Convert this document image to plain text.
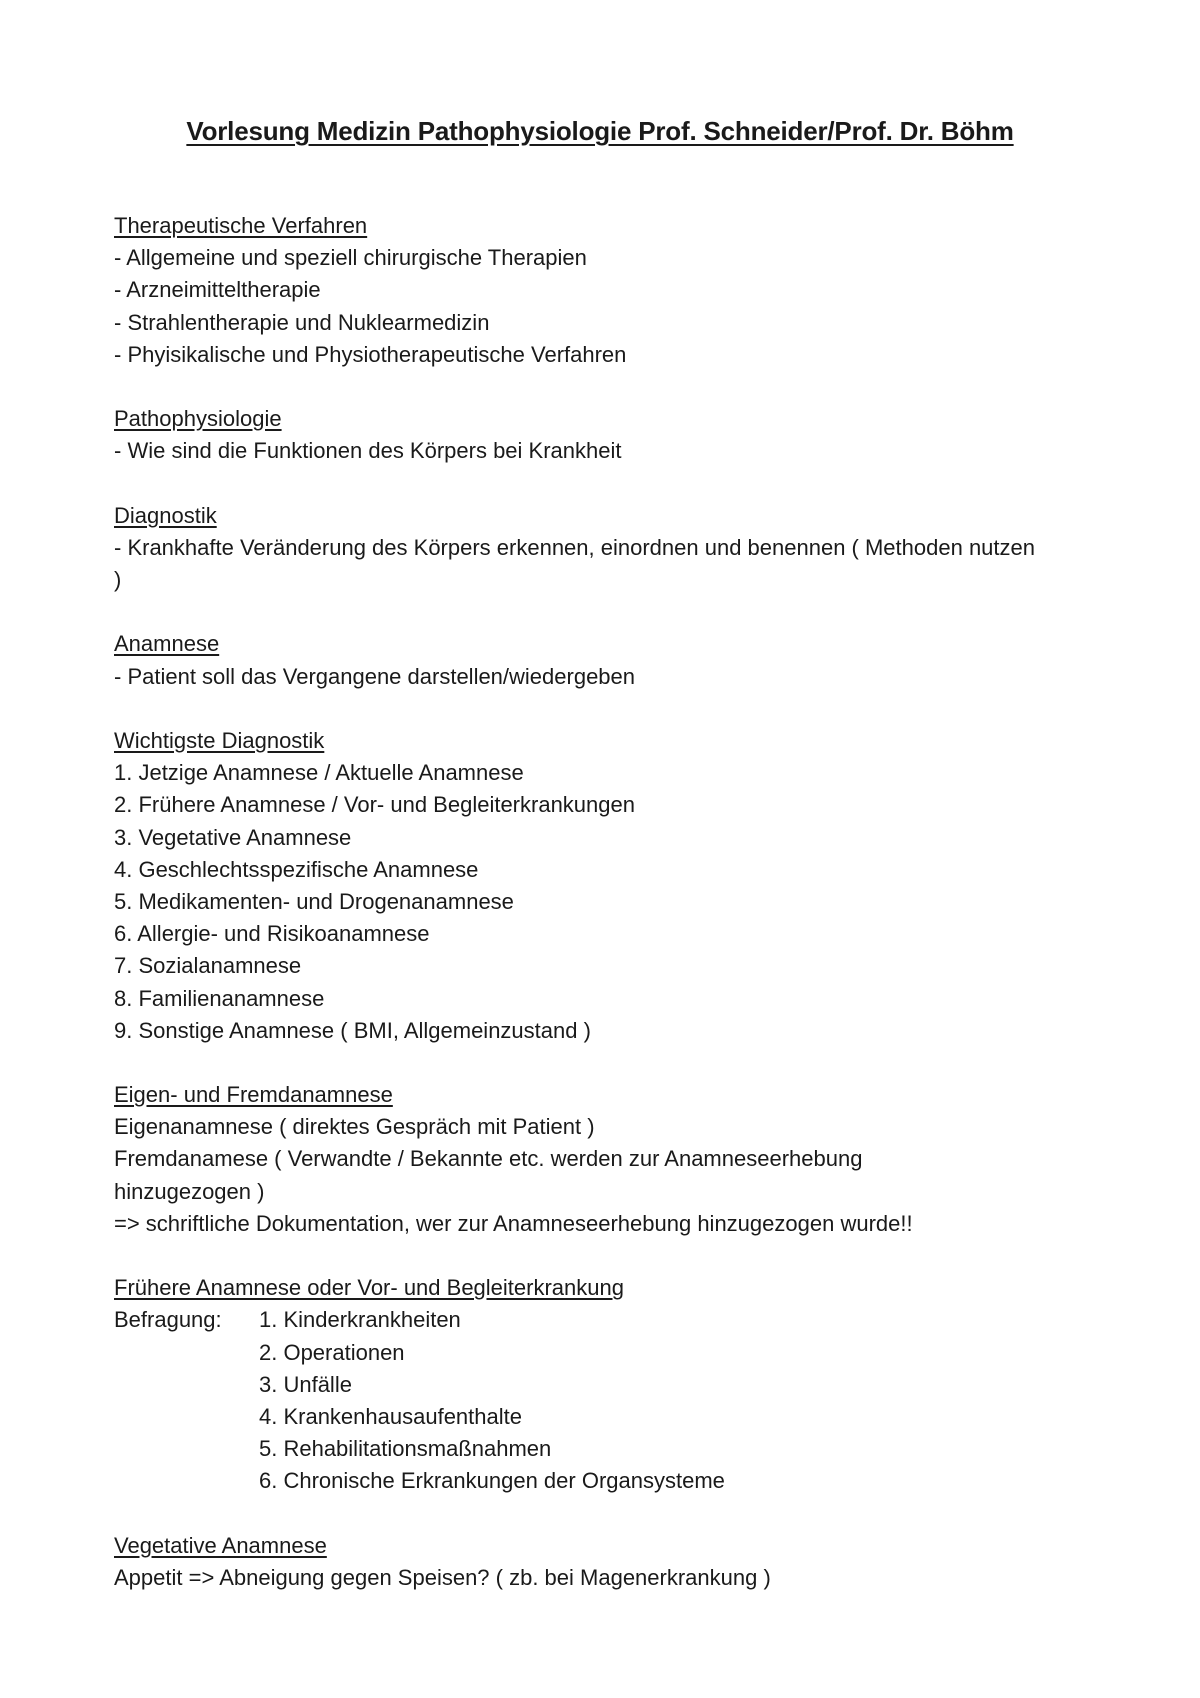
Vorlesung Medizin Pathophysiologie Prof. Schneider/Prof. Dr. Böhm
Therapeutische Verfahren
- Allgemeine und speziell chirurgische Therapien
- Arzneimitteltherapie
- Strahlentherapie und Nuklearmedizin
- Phyisikalische und Physiotherapeutische Verfahren
Pathophysiologie
- Wie sind die Funktionen des Körpers bei Krankheit
Diagnostik
- Krankhafte Veränderung des Körpers erkennen, einordnen und benennen ( Methoden nutzen )
Anamnese
- Patient soll das Vergangene darstellen/wiedergeben
Wichtigste Diagnostik
1. Jetzige Anamnese / Aktuelle Anamnese
2. Frühere Anamnese / Vor- und Begleiterkrankungen
3. Vegetative Anamnese
4. Geschlechtsspezifische Anamnese
5. Medikamenten- und Drogenanamnese
6. Allergie- und Risikoanamnese
7. Sozialanamnese
8. Familienanamnese
9. Sonstige Anamnese ( BMI, Allgemeinzustand )
Eigen- und Fremdanamnese
Eigenanamnese ( direktes Gespräch mit Patient )
Fremdanamese ( Verwandte / Bekannte etc. werden zur Anamneseerhebung hinzugezogen )
=> schriftliche Dokumentation, wer zur Anamneseerhebung hinzugezogen wurde!!
Frühere Anamnese oder Vor- und Begleiterkrankung
Befragung:	1. Kinderkrankheiten
2. Operationen
3. Unfälle
4. Krankenhausaufenthalte
5. Rehabilitationsmaßnahmen
6. Chronische Erkrankungen der Organsysteme
Vegetative Anamnese
Appetit => Abneigung gegen Speisen? ( zb. bei Magenerkrankung )
